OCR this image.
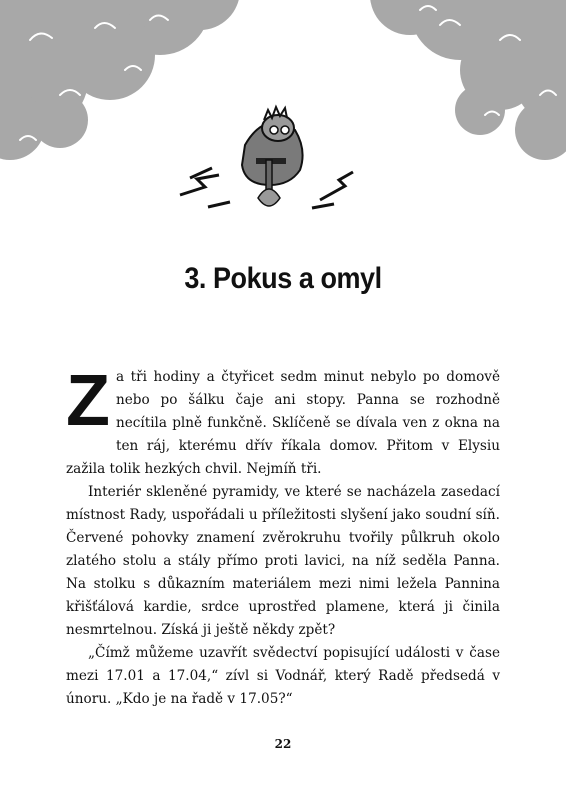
3. Pokus a omyl

Za tři hodiny a čtyřicet sedm minut nebylo po domově nebo po šálku čaje ani stopy. Panna se rozhodně necítila plně funkčně. Sklíčeně se dívala ven z okna na ten ráj, kterému dřív říkala domov. Přitom v Elysiu zažila tolik hezkých chvil. Nejmíň tři.

Interiér skleněné pyramidy, ve které se nacházela zasedací místnost Rady, uspořádali u příležitosti slyšení jako soudní síň. Červené pohovky znamení zvěrokruhu tvořily půlkruh okolo zlatého stolu a stály přímo proti lavici, na níž seděla Panna. Na stolku s důkazním materiálem mezi nimi ležela Pannina křišťálová kardie, srdce uprostřed plamene, která ji činila nesmrtelnou. Získá ji ještě někdy zpět?

„Čímž můžeme uzavřít svědectví popisující události v čase mezi 17.01 a 17.04,“ zívl si Vodnář, který Radě předsedá v únoru. „Kdo je na řadě v 17.05?“

22
